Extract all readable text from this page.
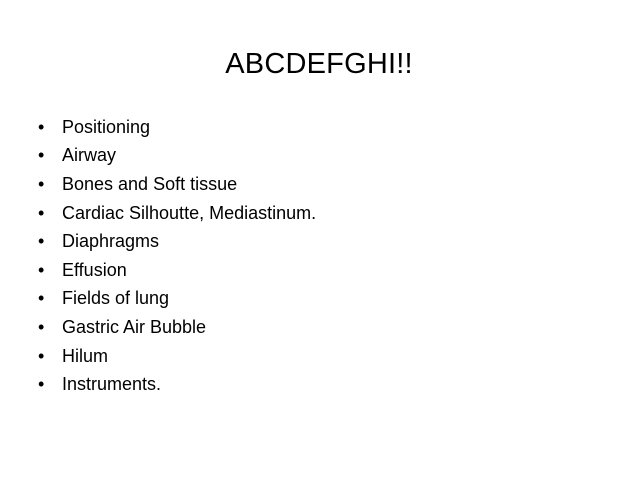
ABCDEFGHI!!
• Positioning
• Airway
• Bones and Soft tissue
• Cardiac Silhoutte, Mediastinum.
• Diaphragms
• Effusion
• Fields of lung
• Gastric Air Bubble
• Hilum
• Instruments.
